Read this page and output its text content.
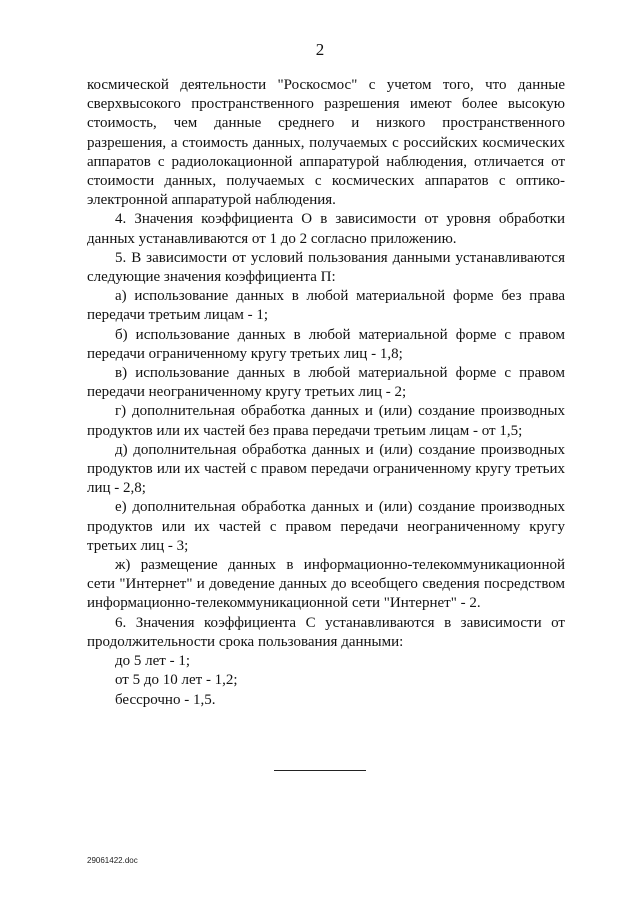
2

космической деятельности "Роскосмос" с учетом того, что данные сверхвысокого пространственного разрешения имеют более высокую стоимость, чем данные среднего и низкого пространственного разрешения, а стоимость данных, получаемых с российских космических аппаратов с радиолокационной аппаратурой наблюдения, отличается от стоимости данных, получаемых с космических аппаратов с оптико-электронной аппаратурой наблюдения.

4. Значения коэффициента О в зависимости от уровня обработки данных устанавливаются от 1 до 2 согласно приложению.

5. В зависимости от условий пользования данными устанавливаются следующие значения коэффициента П:

а) использование данных в любой материальной форме без права передачи третьим лицам - 1;

б) использование данных в любой материальной форме с правом передачи ограниченному кругу третьих лиц - 1,8;

в) использование данных в любой материальной форме с правом передачи неограниченному кругу третьих лиц - 2;

г) дополнительная обработка данных и (или) создание производных продуктов или их частей без права передачи третьим лицам - от 1,5;

д) дополнительная обработка данных и (или) создание производных продуктов или их частей с правом передачи ограниченному кругу третьих лиц - 2,8;

е) дополнительная обработка данных и (или) создание производных продуктов или их частей с правом передачи неограниченному кругу третьих лиц - 3;

ж) размещение данных в информационно-телекоммуникационной сети "Интернет" и доведение данных до всеобщего сведения посредством информационно-телекоммуникационной сети "Интернет" - 2.

6. Значения коэффициента С устанавливаются в зависимости от продолжительности срока пользования данными:

до 5 лет - 1;

от 5 до 10 лет - 1,2;

бессрочно - 1,5.

29061422.doc
